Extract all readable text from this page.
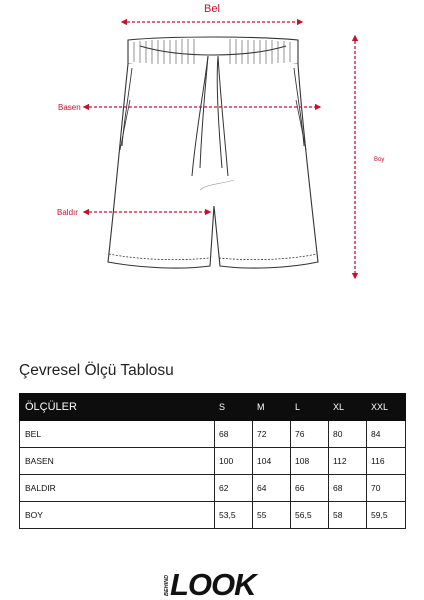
Bel
Boy
Basen
Baldır
Çevresel Ölçü Tablosu
ÖLÇÜLER	S	M	L	XL	XXL
BEL	68	72	76	80	84
BASEN	100	104	108	112	116
BALDIR	62	64	66	68	70
BOY	53,5	55	56,5	58	59,5
BEHIND LOOK
